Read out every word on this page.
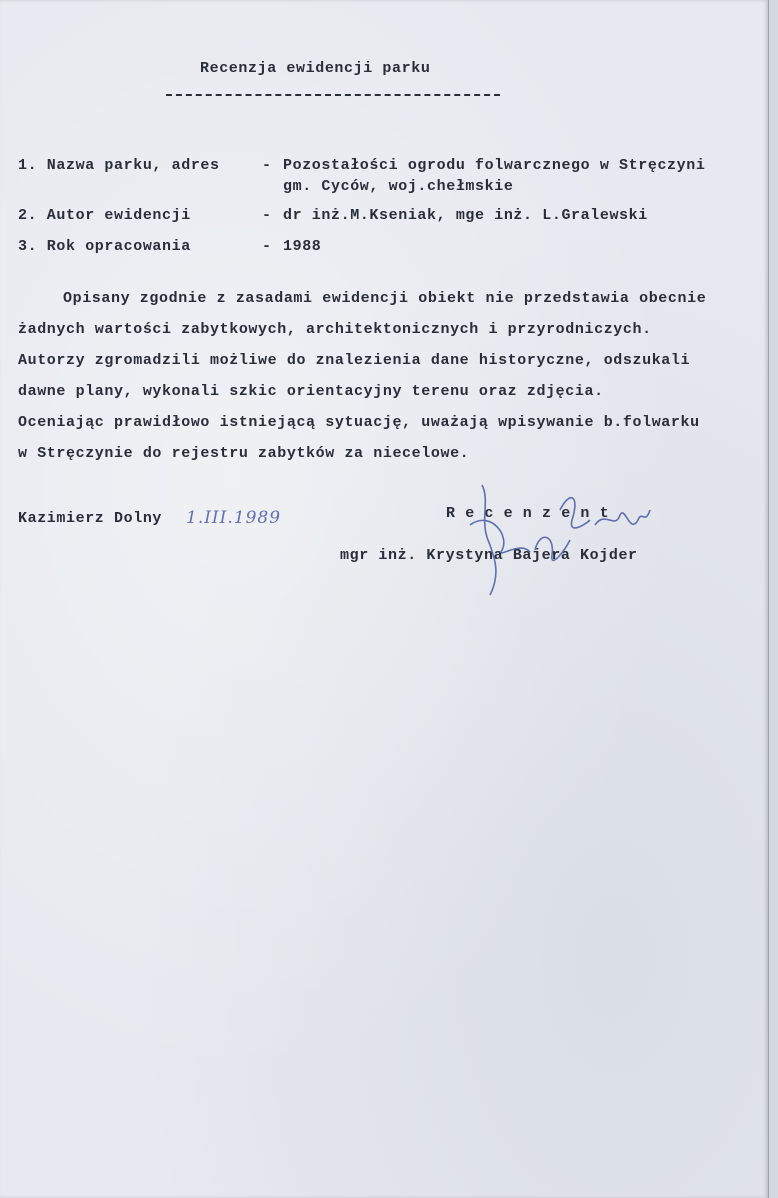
Recenzja ewidencji parku
1. Nazwa parku, adres	- Pozostałości ogrodu folwarcznego w Stręczyni
gm. Cyców, woj.chełmskie
2. Autor ewidencji	- dr inż.M.Kseniak, mge inż. L.Gralewski
3. Rok opracowania	- 1988
Opisany zgodnie z zasadami ewidencji obiekt nie przedstawia obecnie
żadnych wartości zabytkowych, architektonicznych i przyrodniczych.
Autorzy zgromadzili możliwe do znalezienia dane historyczne, odszukali
dawne plany, wykonali szkic orientacyjny terenu oraz zdjęcia.
Oceniając prawidłowo istniejącą sytuację, uważają wpisywanie b.folwarku
w Stręczynie do rejestru zabytków za niecelowe.
Kazimierz Dolny 1.III.1989	R e c e n z e n t
mgr inż. Krystyna Bajera Kojder
